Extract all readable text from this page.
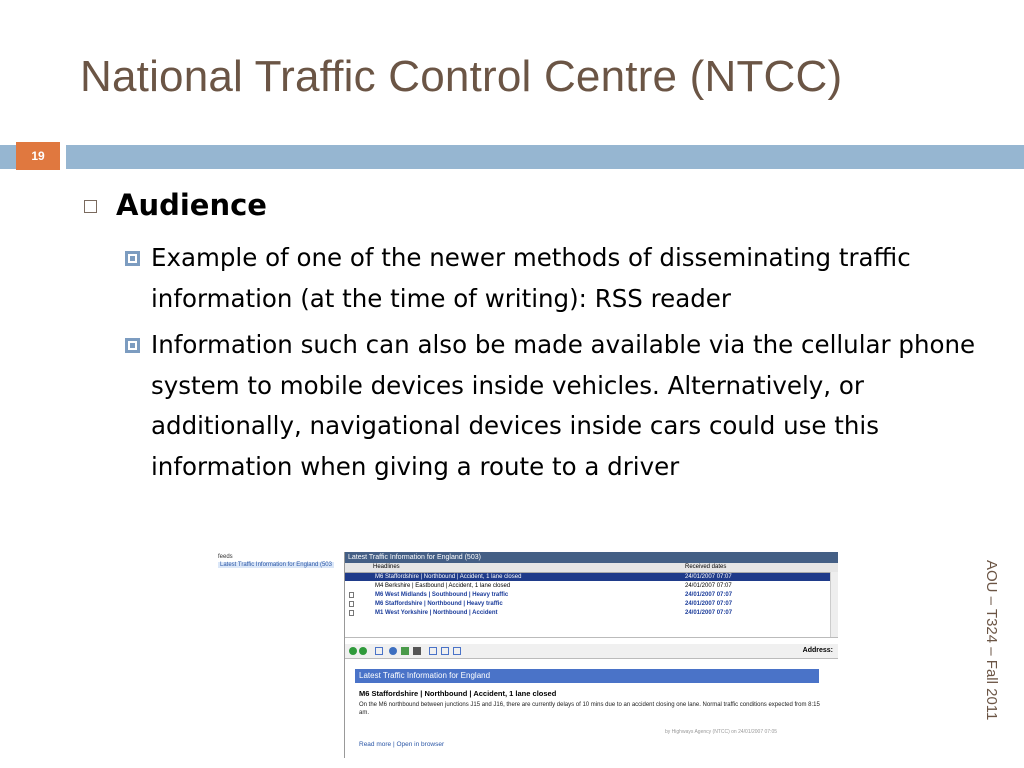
National Traffic Control Centre (NTCC)
19
Audience
Example of one of the newer methods of disseminating traffic information (at the time of writing): RSS reader
Information such can also be made available via the cellular phone system to mobile devices inside vehicles. Alternatively, or additionally, navigational devices inside cars could use this information when giving a route to a driver
AOU – T324 – Fall 2011
feeds
Latest Traffic Information for England (503
Latest Traffic Information for England (503)
Headlines	Received dates
M6 Staffordshire | Northbound | Accident, 1 lane closed	24/01/2007 07:07
M4 Berkshire | Eastbound | Accident, 1 lane closed	24/01/2007 07:07
M6 West Midlands | Southbound | Heavy traffic	24/01/2007 07:07
M6 Staffordshire | Northbound | Heavy traffic	24/01/2007 07:07
M1 West Yorkshire | Northbound | Accident	24/01/2007 07:07
Address:
Latest Traffic Information for England
M6 Staffordshire | Northbound | Accident, 1 lane closed
On the M6 northbound between junctions J15 and J16, there are currently delays of 10 mins due to an accident closing one lane. Normal traffic conditions expected from 8:15 am.
by Highways Agency (NTCC) on 24/01/2007 07:05
Read more | Open in browser
